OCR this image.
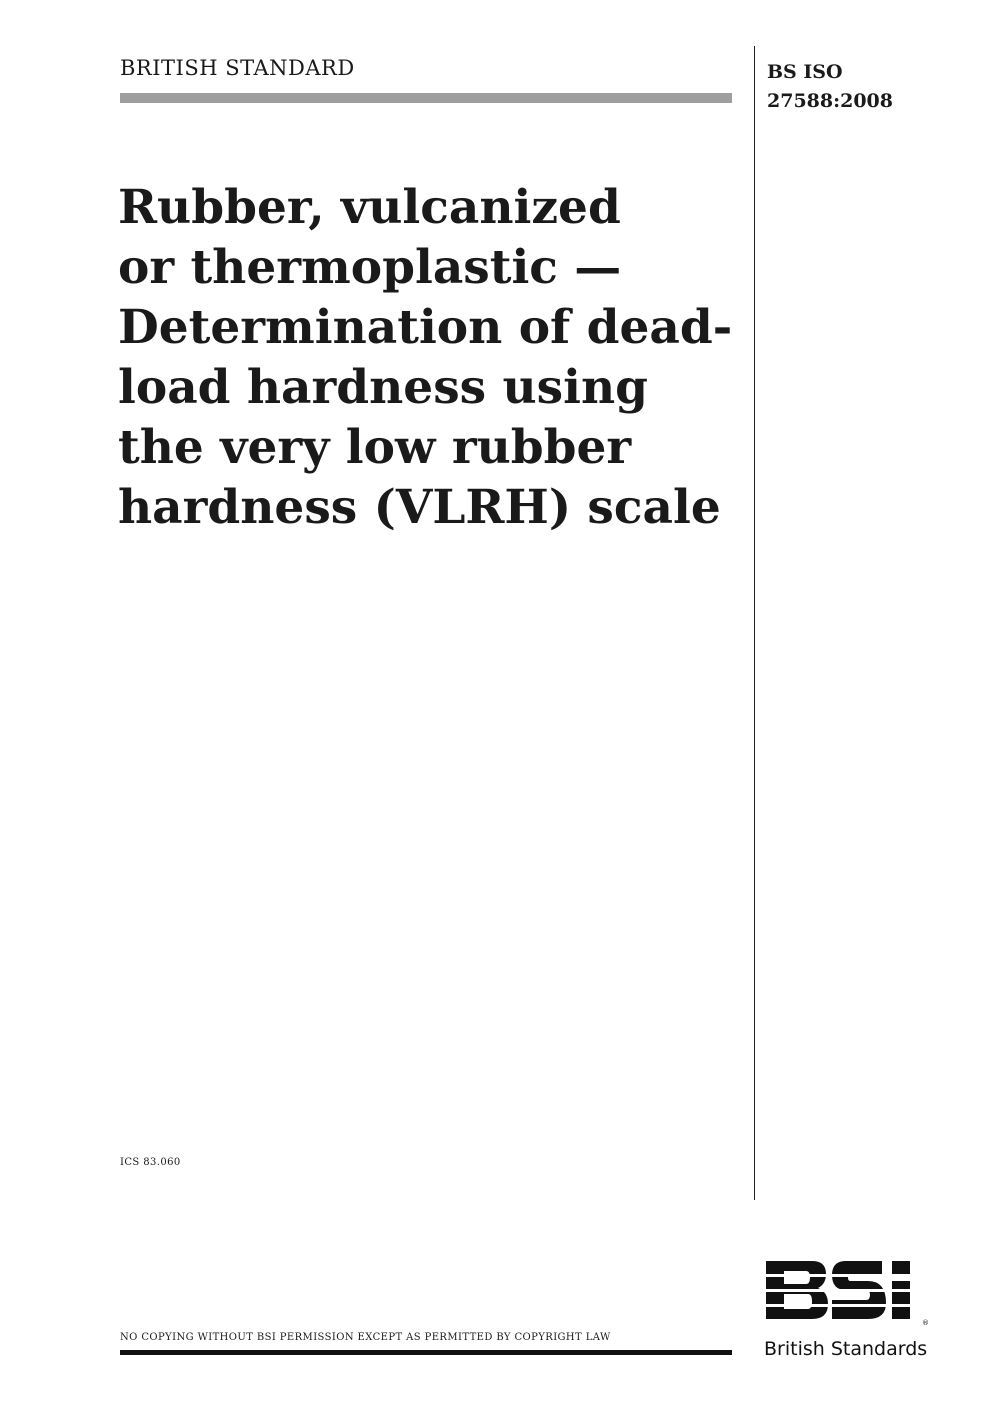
BRITISH STANDARD	BS ISO
27588:2008
Rubber, vulcanized
or thermoplastic —
Determination of dead-
load hardness using
the very low rubber
hardness (VLRH) scale
ICS 83.060
NO COPYING WITHOUT BSI PERMISSION EXCEPT AS PERMITTED BY COPYRIGHT LAW
®
British Standards
